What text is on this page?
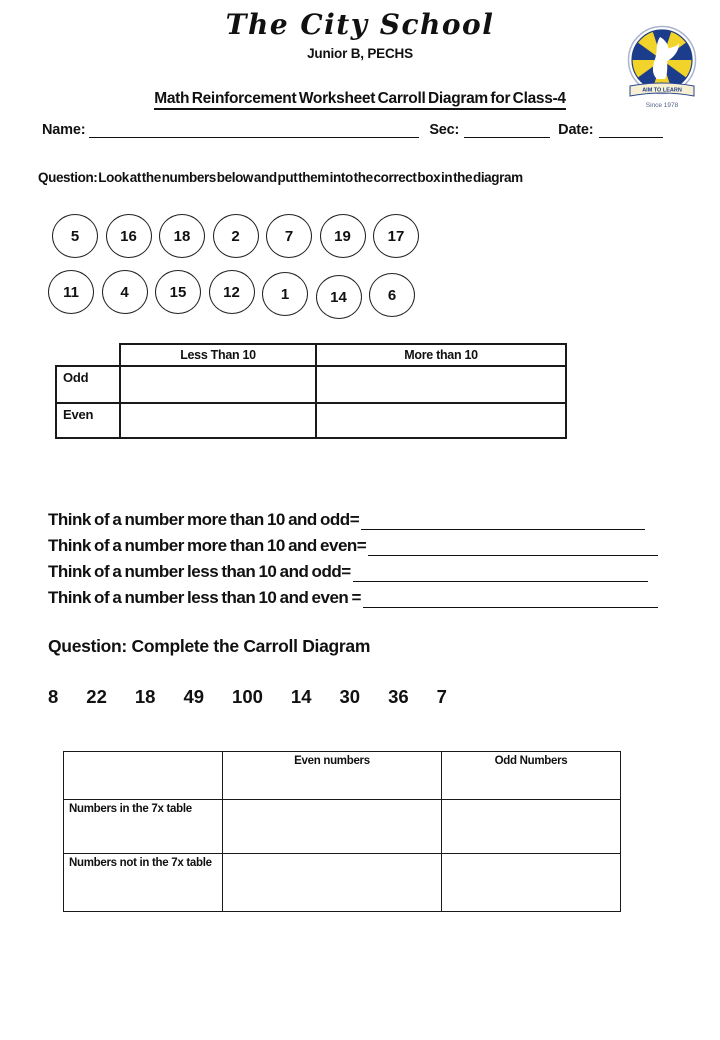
The City School
Junior B, PECHS
AIM TO LEARN
Since 1978
Math Reinforcement Worksheet Carroll Diagram for Class-4
Name:	Sec:	Date:
Question: Look at the numbers below and put them into the correct box in the diagram
5	16	18	2	7	19	17
11	4	15	12	1	14	6
	Less Than 10	More than 10
Odd		
Even		
Think of a number more than 10 and odd=
Think of a number more than 10 and even=
Think of a number less than 10 and odd=
Think of a number less than 10 and even =
Question: Complete the Carroll Diagram
8 22 18 49 100 14 30 36 7
	Even numbers	Odd Numbers
Numbers in the 7x table		
Numbers not in the 7x table		
